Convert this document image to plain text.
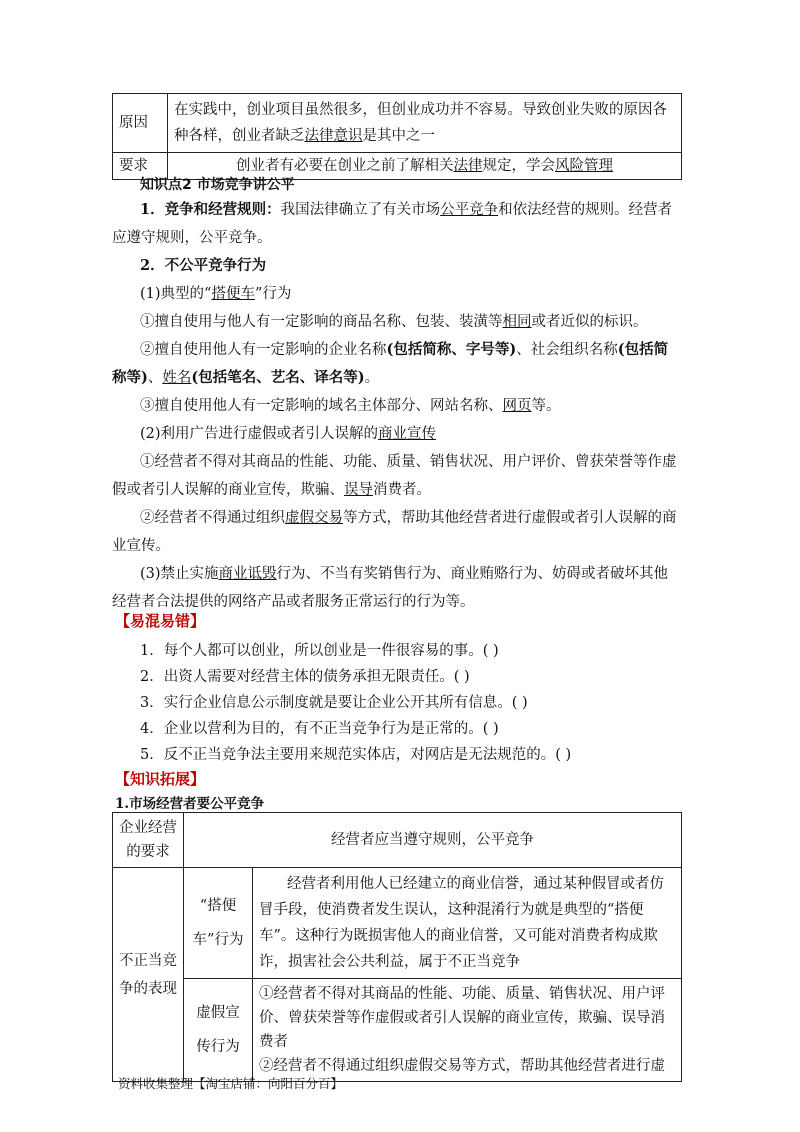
原因	在实践中，创业项目虽然很多，但创业成功并不容易。导致创业失败的原因各种各样，创业者缺乏法律意识是其中之一
要求	创业者有必要在创业之前了解相关法律规定，学会风险管理
知识点2 市场竞争讲公平

1．竞争和经营规则：我国法律确立了有关市场公平竞争和依法经营的规则。经营者应遵守规则，公平竞争。

2．不公平竞争行为

(1)典型的“搭便车”行为

①擅自使用与他人有一定影响的商品名称、包装、装潢等相同或者近似的标识。

②擅自使用他人有一定影响的企业名称(包括简称、字号等)、社会组织名称(包括简称等)、姓名(包括笔名、艺名、译名等)。

③擅自使用他人有一定影响的域名主体部分、网站名称、网页等。

(2)利用广告进行虚假或者引人误解的商业宣传

①经营者不得对其商品的性能、功能、质量、销售状况、用户评价、曾获荣誉等作虚假或者引人误解的商业宣传，欺骗、误导消费者。

②经营者不得通过组织虚假交易等方式，帮助其他经营者进行虚假或者引人误解的商业宣传。

(3)禁止实施商业诋毁行为、不当有奖销售行为、商业贿赂行为、妨碍或者破坏其他经营者合法提供的网络产品或者服务正常运行的行为等。

【易混易错】
1．每个人都可以创业，所以创业是一件很容易的事。( )
2．出资人需要对经营主体的债务承担无限责任。( )
3．实行企业信息公示制度就是要让企业公开其所有信息。( )
4．企业以营利为目的，有不正当竞争行为是正常的。( )
5．反不正当竞争法主要用来规范实体店，对网店是无法规范的。( )
【知识拓展】
1.市场经营者要公平竞争
企业经营的要求	经营者应当遵守规则，公平竞争	
不正当竞争的表现	“搭便车”行为	经营者利用他人已经建立的商业信誉，通过某种假冒或者仿冒手段，使消费者发生误认，这种混淆行为就是典型的“搭便车”。这种行为既损害他人的商业信誉，又可能对消费者构成欺诈，损害社会公共利益，属于不正当竞争
	虚假宣传行为	①经营者不得对其商品的性能、功能、质量、销售状况、用户评价、曾获荣誉等作虚假或者引人误解的商业宣传，欺骗、误导消费者
②经营者不得通过组织虚假交易等方式，帮助其他经营者进行虚
资料收集整理【淘宝店铺：向阳百分百】
